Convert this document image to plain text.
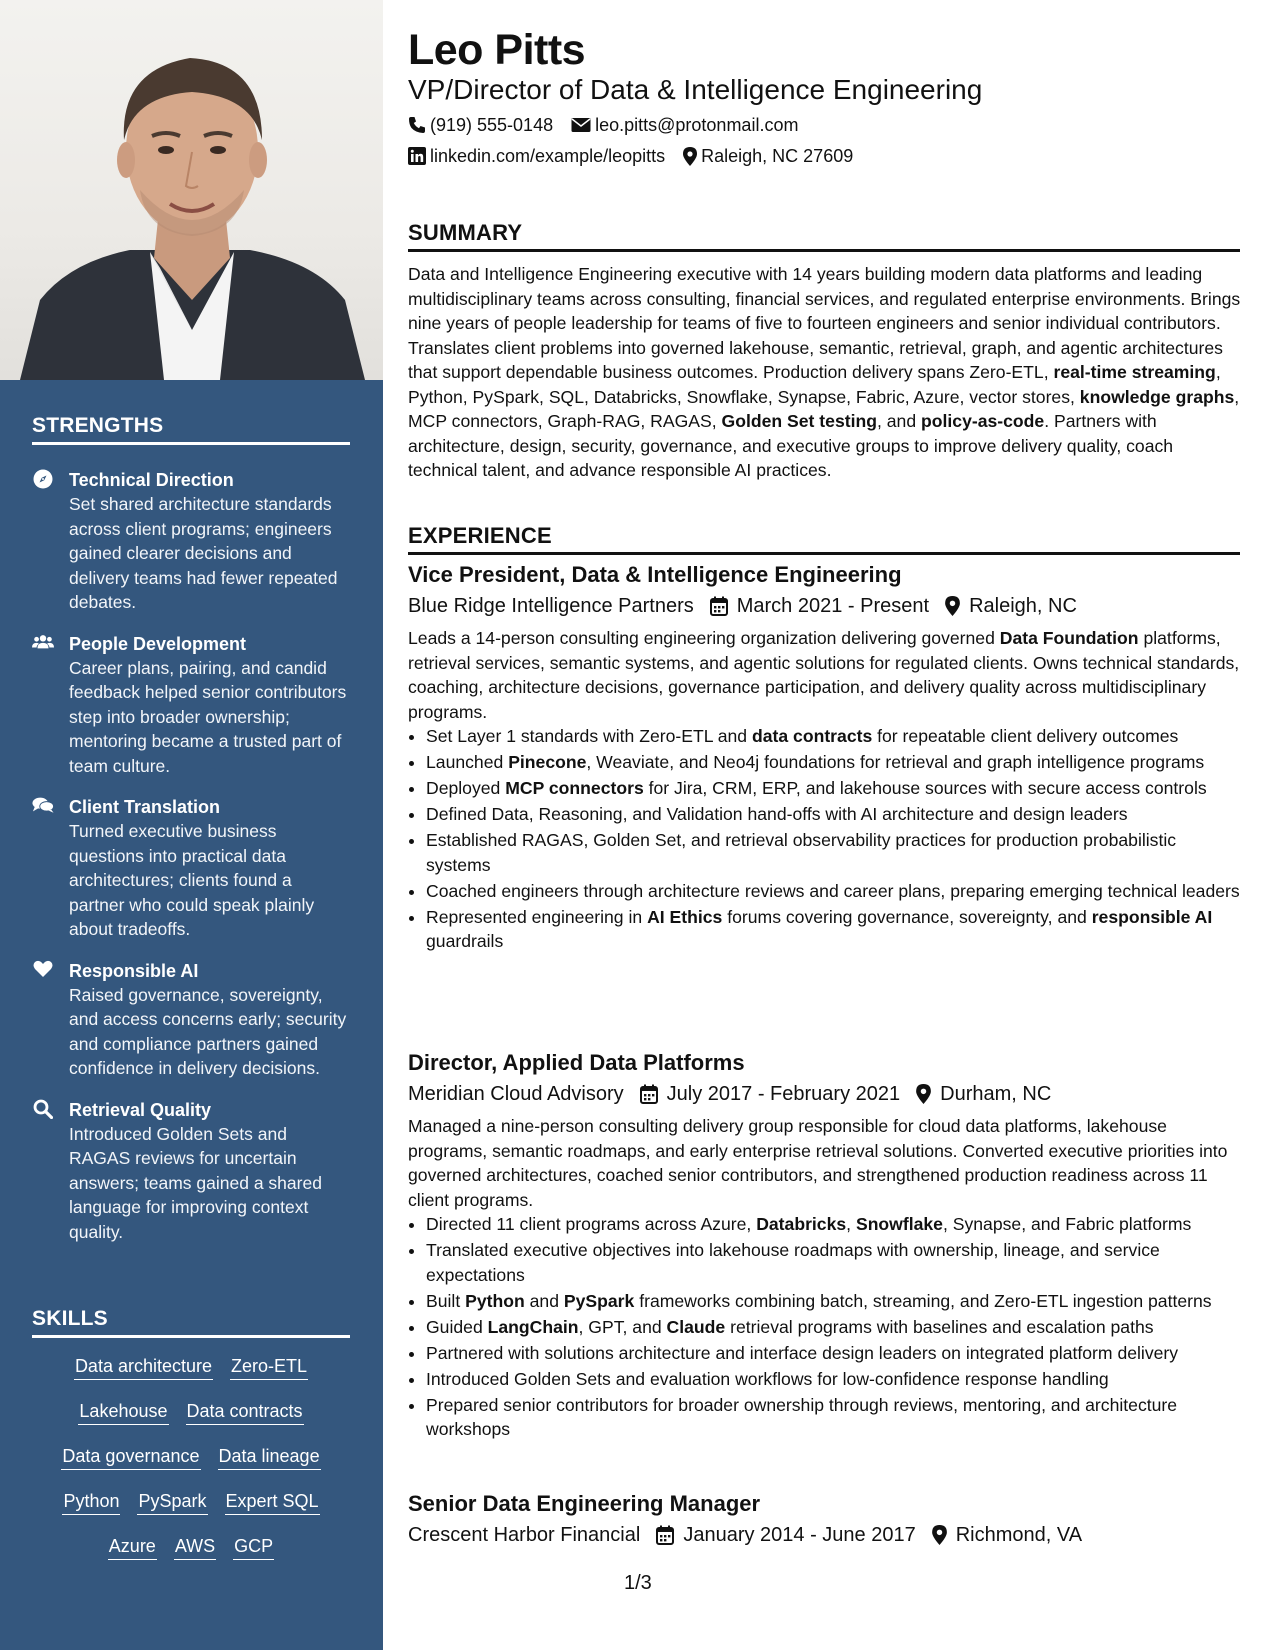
STRENGTHS
Technical Direction
Set shared architecture standards across client programs; engineers gained clearer decisions and delivery teams had fewer repeated debates.
People Development
Career plans, pairing, and candid feedback helped senior contributors step into broader ownership; mentoring became a trusted part of team culture.
Client Translation
Turned executive business questions into practical data architectures; clients found a partner who could speak plainly about tradeoffs.
Responsible AI
Raised governance, sovereignty, and access concerns early; security and compliance partners gained confidence in delivery decisions.
Retrieval Quality
Introduced Golden Sets and RAGAS reviews for uncertain answers; teams gained a shared language for improving context quality.
SKILLS
Data architecture Zero-ETL
Lakehouse Data contracts
Data governance Data lineage
Python PySpark Expert SQL
Azure AWS GCP
Leo Pitts
VP/Director of Data & Intelligence Engineering
(919) 555-0148 leo.pitts@protonmail.com
linkedin.com/example/leopitts Raleigh, NC 27609
SUMMARY

Data and Intelligence Engineering executive with 14 years building modern data platforms and leading multidisciplinary teams across consulting, financial services, and regulated enterprise environments. Brings nine years of people leadership for teams of five to fourteen engineers and senior individual contributors. Translates client problems into governed lakehouse, semantic, retrieval, graph, and agentic architectures that support dependable business outcomes. Production delivery spans Zero-ETL, real-time streaming, Python, PySpark, SQL, Databricks, Snowflake, Synapse, Fabric, Azure, vector stores, knowledge graphs, MCP connectors, Graph-RAG, RAGAS, Golden Set testing, and policy-as-code. Partners with architecture, design, security, governance, and executive groups to improve delivery quality, coach technical talent, and advance responsible AI practices.

EXPERIENCE
Vice President, Data & Intelligence Engineering
Blue Ridge Intelligence Partners March 2021 - Present Raleigh, NC

Leads a 14-person consulting engineering organization delivering governed Data Foundation platforms, retrieval services, semantic systems, and agentic solutions for regulated clients. Owns technical standards, coaching, architecture decisions, governance participation, and delivery quality across multidisciplinary programs.

• Set Layer 1 standards with Zero-ETL and data contracts for repeatable client delivery outcomes
• Launched Pinecone, Weaviate, and Neo4j foundations for retrieval and graph intelligence programs
• Deployed MCP connectors for Jira, CRM, ERP, and lakehouse sources with secure access controls
• Defined Data, Reasoning, and Validation hand-offs with AI architecture and design leaders
• Established RAGAS, Golden Set, and retrieval observability practices for production probabilistic systems
• Coached engineers through architecture reviews and career plans, preparing emerging technical leaders
• Represented engineering in AI Ethics forums covering governance, sovereignty, and responsible AI guardrails
Director, Applied Data Platforms
Meridian Cloud Advisory July 2017 - February 2021 Durham, NC

Managed a nine-person consulting delivery group responsible for cloud data platforms, lakehouse programs, semantic roadmaps, and early enterprise retrieval solutions. Converted executive priorities into governed architectures, coached senior contributors, and strengthened production readiness across 11 client programs.

• Directed 11 client programs across Azure, Databricks, Snowflake, Synapse, and Fabric platforms
• Translated executive objectives into lakehouse roadmaps with ownership, lineage, and service expectations
• Built Python and PySpark frameworks combining batch, streaming, and Zero-ETL ingestion patterns
• Guided LangChain, GPT, and Claude retrieval programs with baselines and escalation paths
• Partnered with solutions architecture and interface design leaders on integrated platform delivery
• Introduced Golden Sets and evaluation workflows for low-confidence response handling
• Prepared senior contributors for broader ownership through reviews, mentoring, and architecture workshops
Senior Data Engineering Manager
Crescent Harbor Financial January 2014 - June 2017 Richmond, VA
1/3
